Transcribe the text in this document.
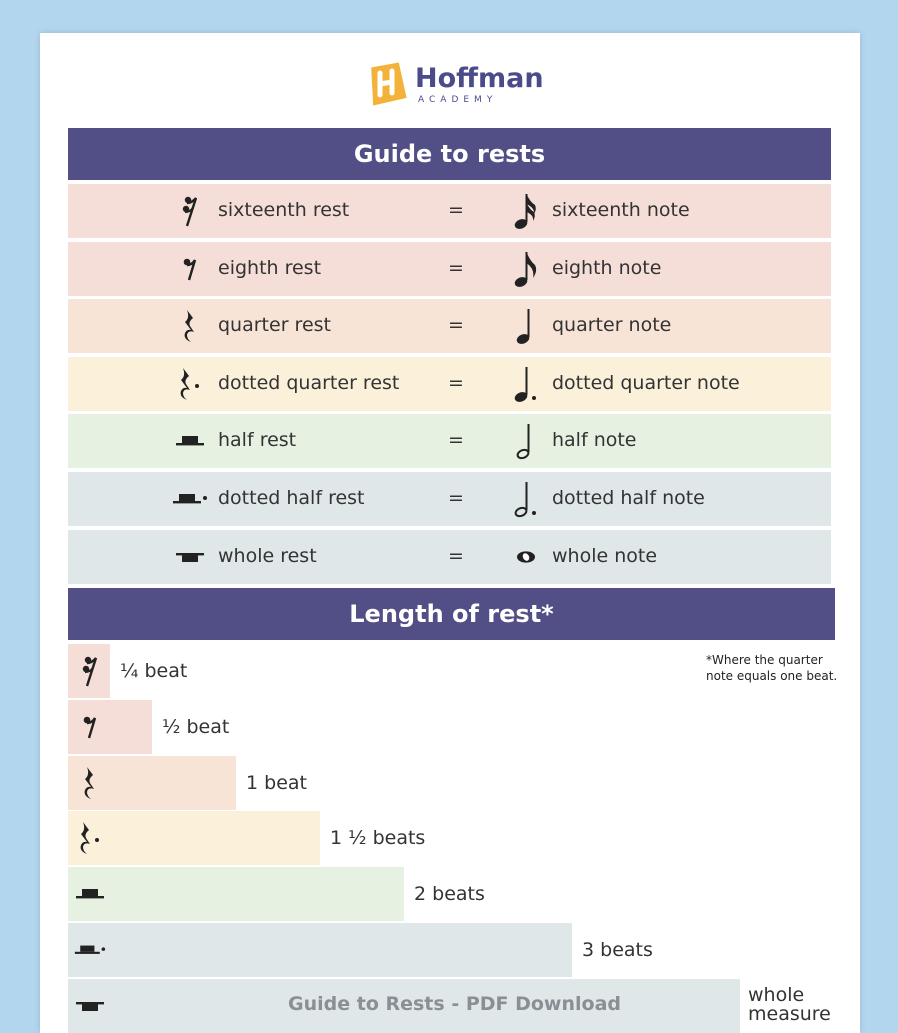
Hoffman
ACADEMY
Guide to rests
sixteenth rest	=	sixteenth note
eighth rest	=	eighth note
quarter rest	=	quarter note
dotted quarter rest	=	dotted quarter note
half rest	=	half note
dotted half rest	=	dotted half note
whole rest	=	whole note
Length of rest*
*Where the quarter
note equals one beat.
¼ beat
½ beat
1 beat
1 ½ beats
2 beats
3 beats
whole
measure
Guide to Rests - PDF Download
